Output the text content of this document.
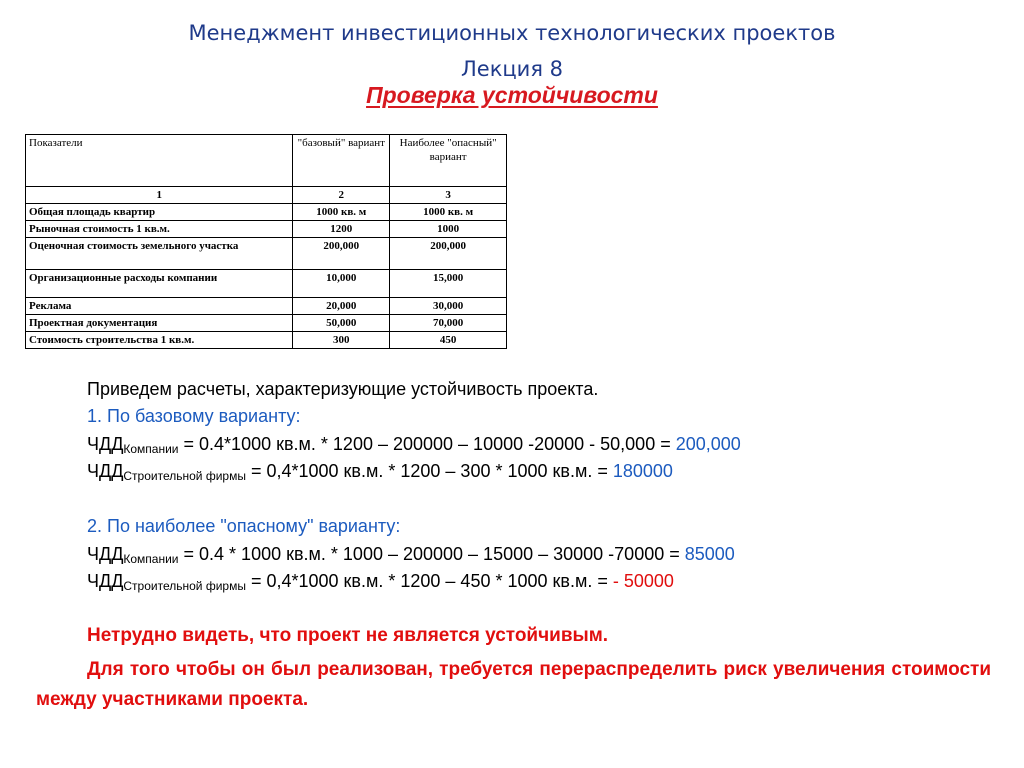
Менеджмент инвестиционных технологических проектов
Лекция 8
Проверка устойчивости
Показатели	"базовый" вариант	Наиболее "опасный" вариант
1	2	3
Общая площадь квартир	1000 кв. м	1000 кв. м
Рыночная стоимость 1 кв.м.	1200	1000
Оценочная стоимость земельного участка	200,000	200,000
Организационные расходы компании	10,000	15,000
Реклама	20,000	30,000
Проектная документация	50,000	70,000
Стоимость строительства 1 кв.м.	300	450
Приведем расчеты, характеризующие устойчивость проекта.
1. По базовому варианту:
$ЧДД_{Компании} = 0.4*1000$ кв.м. * 1200 – 200000 – 10000 -20000 - 50,000 = 200,000
$ЧДД_{Строительной фирмы} = 0,4*1000$ кв.м. * 1200 – 300 * 1000 кв.м. = 180000
2. По наиболее "опасному" варианту:
$ЧДД_{Компании} = 0.4 * 1000$ кв.м. * 1000 – 200000 – 15000 – 30000 -70000 = 85000
$ЧДД_{Строительной фирмы} = 0,4*1000$ кв.м. * 1200 – 450 * 1000 кв.м. = - 50000
Нетрудно видеть, что проект не является устойчивым.
Для того чтобы он был реализован, требуется перераспределить риск увеличения стоимости между участниками проекта.
